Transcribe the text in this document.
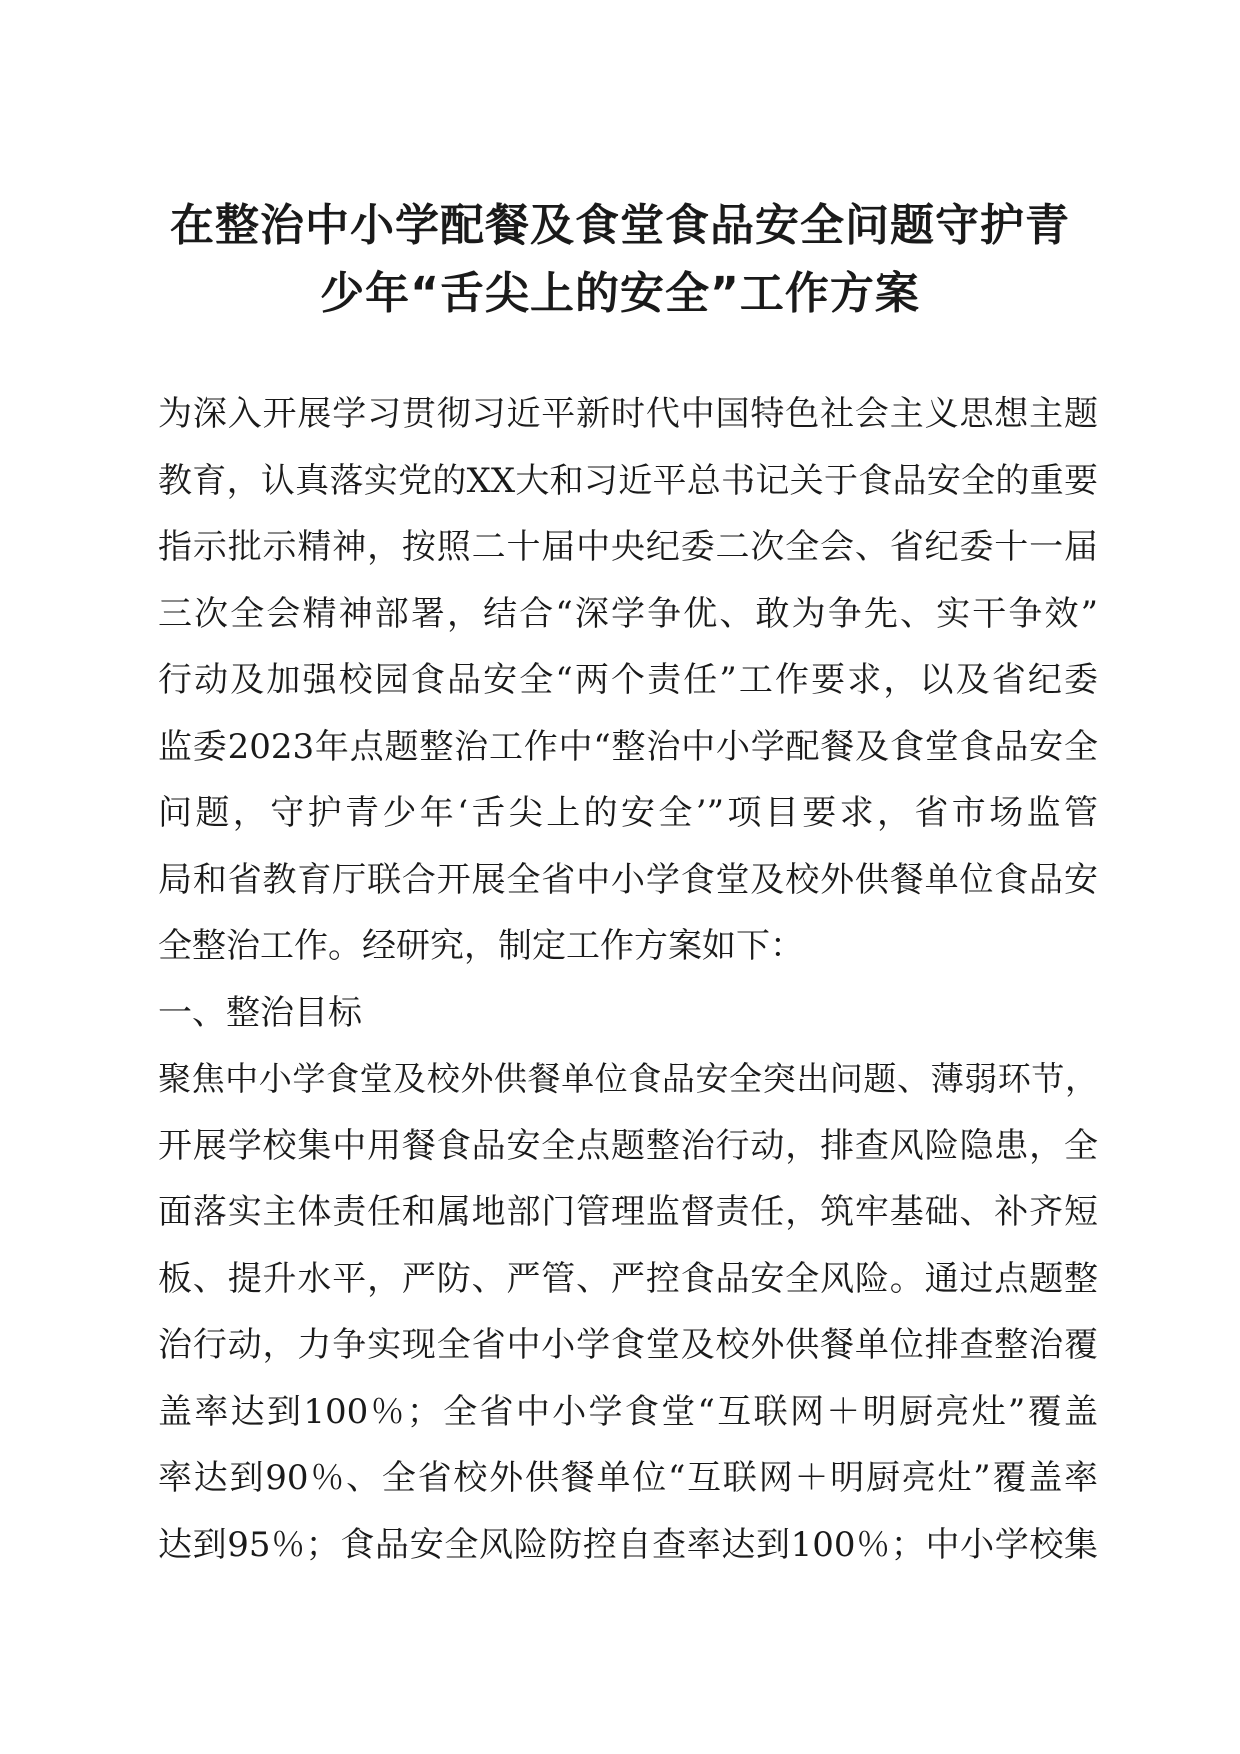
在整治中小学配餐及食堂食品安全问题守护青
少年“舌尖上的安全”工作方案
为深入开展学习贯彻习近平新时代中国特色社会主义思想主题
教育，认真落实党的XX大和习近平总书记关于食品安全的重要
指示批示精神，按照二十届中央纪委二次全会、省纪委十一届
三次全会精神部署，结合“深学争优、敢为争先、实干争效”
行动及加强校园食品安全“两个责任”工作要求，以及省纪委
监委2023年点题整治工作中“整治中小学配餐及食堂食品安全
问题，守护青少年‘舌尖上的安全’”项目要求，省市场监管
局和省教育厅联合开展全省中小学食堂及校外供餐单位食品安
全整治工作。经研究，制定工作方案如下：
一、整治目标
聚焦中小学食堂及校外供餐单位食品安全突出问题、薄弱环节，
开展学校集中用餐食品安全点题整治行动，排查风险隐患，全
面落实主体责任和属地部门管理监督责任，筑牢基础、补齐短
板、提升水平，严防、严管、严控食品安全风险。通过点题整
治行动，力争实现全省中小学食堂及校外供餐单位排查整治覆
盖率达到100％；全省中小学食堂“互联网＋明厨亮灶”覆盖
率达到90％、全省校外供餐单位“互联网＋明厨亮灶”覆盖率
达到95％；食品安全风险防控自查率达到100％；中小学校集
